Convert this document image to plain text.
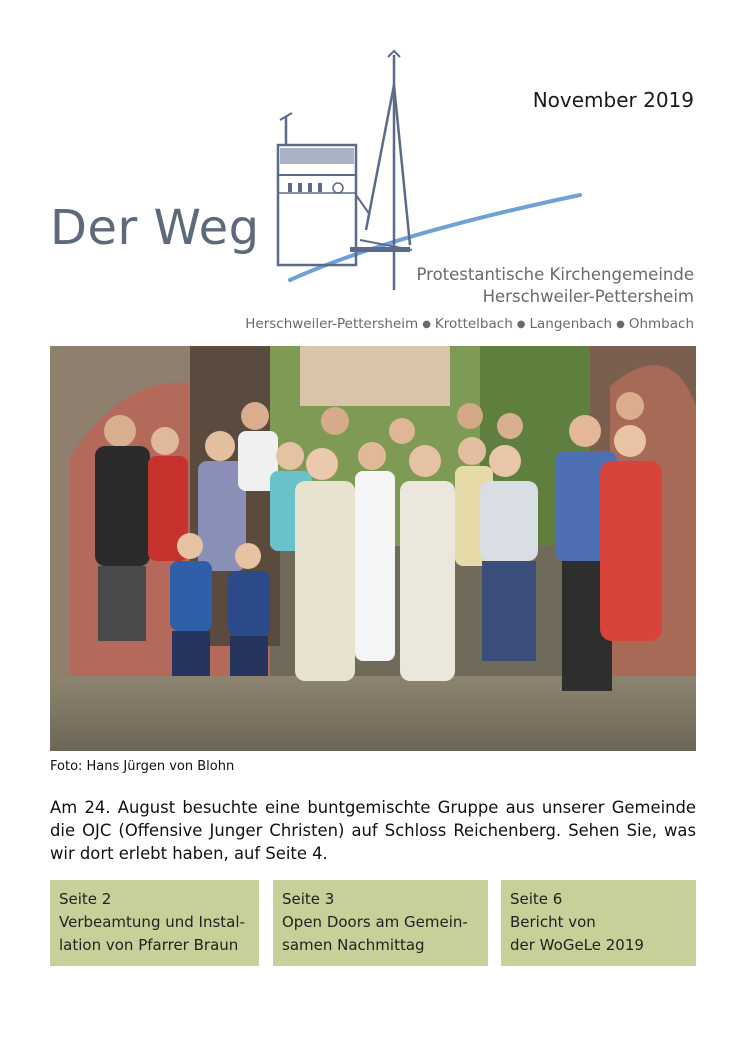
November 2019
Der Weg
Protestantische Kirchengemeinde
Herschweiler-Pettersheim
Herschweiler-Pettersheim ● Krottelbach ● Langenbach ● Ohmbach
Foto: Hans Jürgen von Blohn
Am 24. August besuchte eine buntgemischte Gruppe aus unserer Gemeinde die OJC (Offensive Junger Christen) auf Schloss Reichenberg. Sehen Sie, was wir dort erlebt haben, auf Seite 4.
Seite 2
Verbeamtung und Instal-
lation von Pfarrer Braun
Seite 3
Open Doors am Gemein-
samen Nachmittag
Seite 6
Bericht von
der WoGeLe 2019
